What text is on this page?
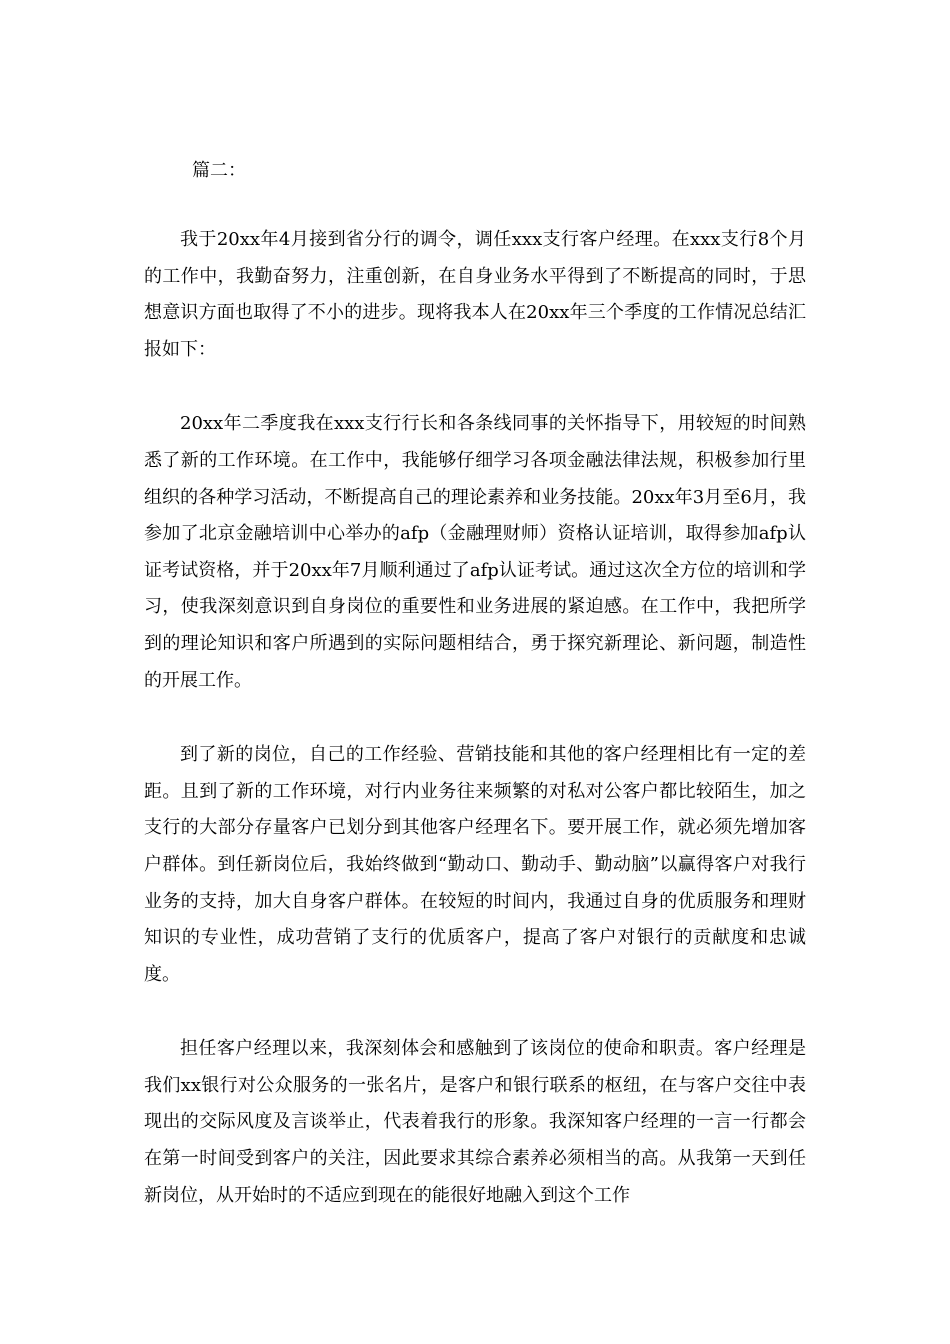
篇二：

我于20xx年4月接到省分行的调令，调任xxx支行客户经理。在xxx支行8个月的工作中，我勤奋努力，注重创新，在自身业务水平得到了不断提高的同时，于思想意识方面也取得了不小的进步。现将我本人在20xx年三个季度的工作情况总结汇报如下：

20xx年二季度我在xxx支行行长和各条线同事的关怀指导下，用较短的时间熟悉了新的工作环境。在工作中，我能够仔细学习各项金融法律法规，积极参加行里组织的各种学习活动，不断提高自己的理论素养和业务技能。20xx年3月至6月，我参加了北京金融培训中心举办的afp（金融理财师）资格认证培训，取得参加afp认证考试资格，并于20xx年7月顺利通过了afp认证考试。通过这次全方位的培训和学习，使我深刻意识到自身岗位的重要性和业务进展的紧迫感。在工作中，我把所学到的理论知识和客户所遇到的实际问题相结合，勇于探究新理论、新问题，制造性的开展工作。

到了新的岗位，自己的工作经验、营销技能和其他的客户经理相比有一定的差距。且到了新的工作环境，对行内业务往来频繁的对私对公客户都比较陌生，加之支行的大部分存量客户已划分到其他客户经理名下。要开展工作，就必须先增加客户群体。到任新岗位后，我始终做到“勤动口、勤动手、勤动脑”以赢得客户对我行业务的支持，加大自身客户群体。在较短的时间内，我通过自身的优质服务和理财知识的专业性，成功营销了支行的优质客户，提高了客户对银行的贡献度和忠诚度。

担任客户经理以来，我深刻体会和感触到了该岗位的使命和职责。客户经理是我们xx银行对公众服务的一张名片，是客户和银行联系的枢纽，在与客户交往中表现出的交际风度及言谈举止，代表着我行的形象。我深知客户经理的一言一行都会在第一时间受到客户的关注，因此要求其综合素养必须相当的高。从我第一天到任新岗位，从开始时的不适应到现在的能很好地融入到这个工作
